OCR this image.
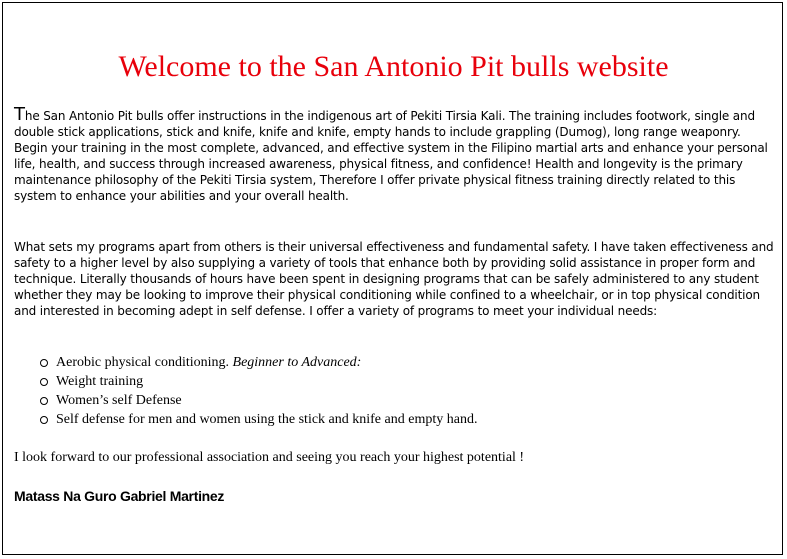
Welcome to the San Antonio Pit bulls website

The San Antonio Pit bulls offer instructions in the indigenous art of Pekiti Tirsia Kali. The training includes footwork, single and double stick applications, stick and knife, knife and knife, empty hands to include grappling (Dumog), long range weaponry. Begin your training in the most complete, advanced, and effective system in the Filipino martial arts and enhance your personal life, health, and success through increased awareness, physical fitness, and confidence! Health and longevity is the primary maintenance philosophy of the Pekiti Tirsia system, Therefore I offer private physical fitness training directly related to this system to enhance your abilities and your overall health.

What sets my programs apart from others is their universal effectiveness and fundamental safety. I have taken effectiveness and safety to a higher level by also supplying a variety of tools that enhance both by providing solid assistance in proper form and technique. Literally thousands of hours have been spent in designing programs that can be safely administered to any student whether they may be looking to improve their physical conditioning while confined to a wheelchair, or in top physical condition and interested in becoming adept in self defense. I offer a variety of programs to meet your individual needs:

Aerobic physical conditioning. Beginner to Advanced:
Weight training
Women’s self Defense
Self defense for men and women using the stick and knife and empty hand.

I look forward to our professional association and seeing you reach your highest potential !

Matass Na Guro Gabriel Martinez
